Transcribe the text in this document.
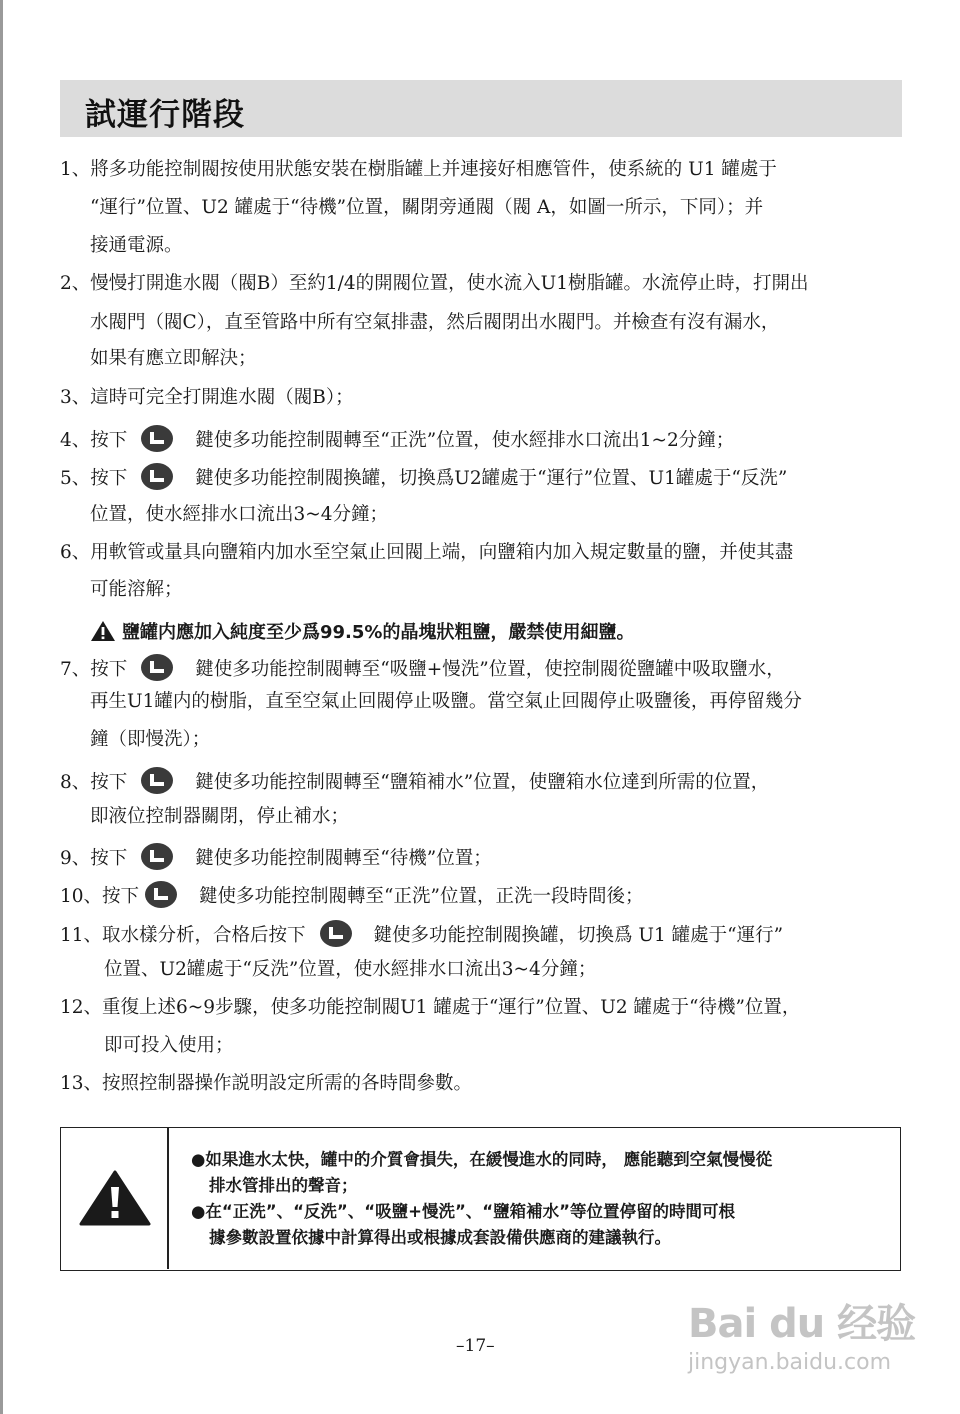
試運行階段
1、將多功能控制閥按使用狀態安裝在樹脂罐上并連接好相應管件，使系統的 U1 罐處于
“運行”位置、U2 罐處于“待機”位置，關閉旁通閥（閥 A，如圖一所示，下同）；并
接通電源。
2、慢慢打開進水閥（閥B）至約1/4的開閥位置，使水流入U1樹脂罐。水流停止時，打開出
水閥門（閥C），直至管路中所有空氣排盡，然后閥閉出水閥門。并檢查有沒有漏水，
如果有應立即解決；
3、這時可完全打開進水閥（閥B）；
4、按下	鍵使多功能控制閥轉至“正洗”位置，使水經排水口流出1~2分鐘；
5、按下	鍵使多功能控制閥換罐，切換爲U2罐處于“運行”位置、U1罐處于“反洗”
位置，使水經排水口流出3~4分鐘；
6、用軟管或量具向鹽箱内加水至空氣止回閥上端，向鹽箱内加入規定數量的鹽，并使其盡
可能溶解；
鹽罐内應加入純度至少爲99.5%的晶塊狀粗鹽，嚴禁使用細鹽。
7、按下	鍵使多功能控制閥轉至“吸鹽+慢洗”位置，使控制閥從鹽罐中吸取鹽水，
再生U1罐内的樹脂，直至空氣止回閥停止吸鹽。當空氣止回閥停止吸鹽後，再停留幾分
鐘（即慢洗）；
8、按下	鍵使多功能控制閥轉至“鹽箱補水”位置，使鹽箱水位達到所需的位置，
即液位控制器關閉，停止補水；
9、按下	鍵使多功能控制閥轉至“待機”位置；
10、按下	鍵使多功能控制閥轉至“正洗”位置，正洗一段時間後；
11、取水樣分析，合格后按下	鍵使多功能控制閥換罐，切換爲 U1 罐處于“運行”
位置、U2罐處于“反洗”位置，使水經排水口流出3~4分鐘；
12、重復上述6~9步驟，使多功能控制閥U1 罐處于“運行”位置、U2 罐處于“待機”位置，
即可投入使用；
13、按照控制器操作説明設定所需的各時間參數。
●如果進水太快，罐中的介質會損失，在緩慢進水的同時， 應能聽到空氣慢慢從
排水管排出的聲音；
●在“正洗”、“反洗”、“吸鹽+慢洗”、“鹽箱補水”等位置停留的時間可根
據參數設置依據中計算得出或根據成套設備供應商的建議執行。
–17–	Bai du 经验
jingyan.baidu.com
